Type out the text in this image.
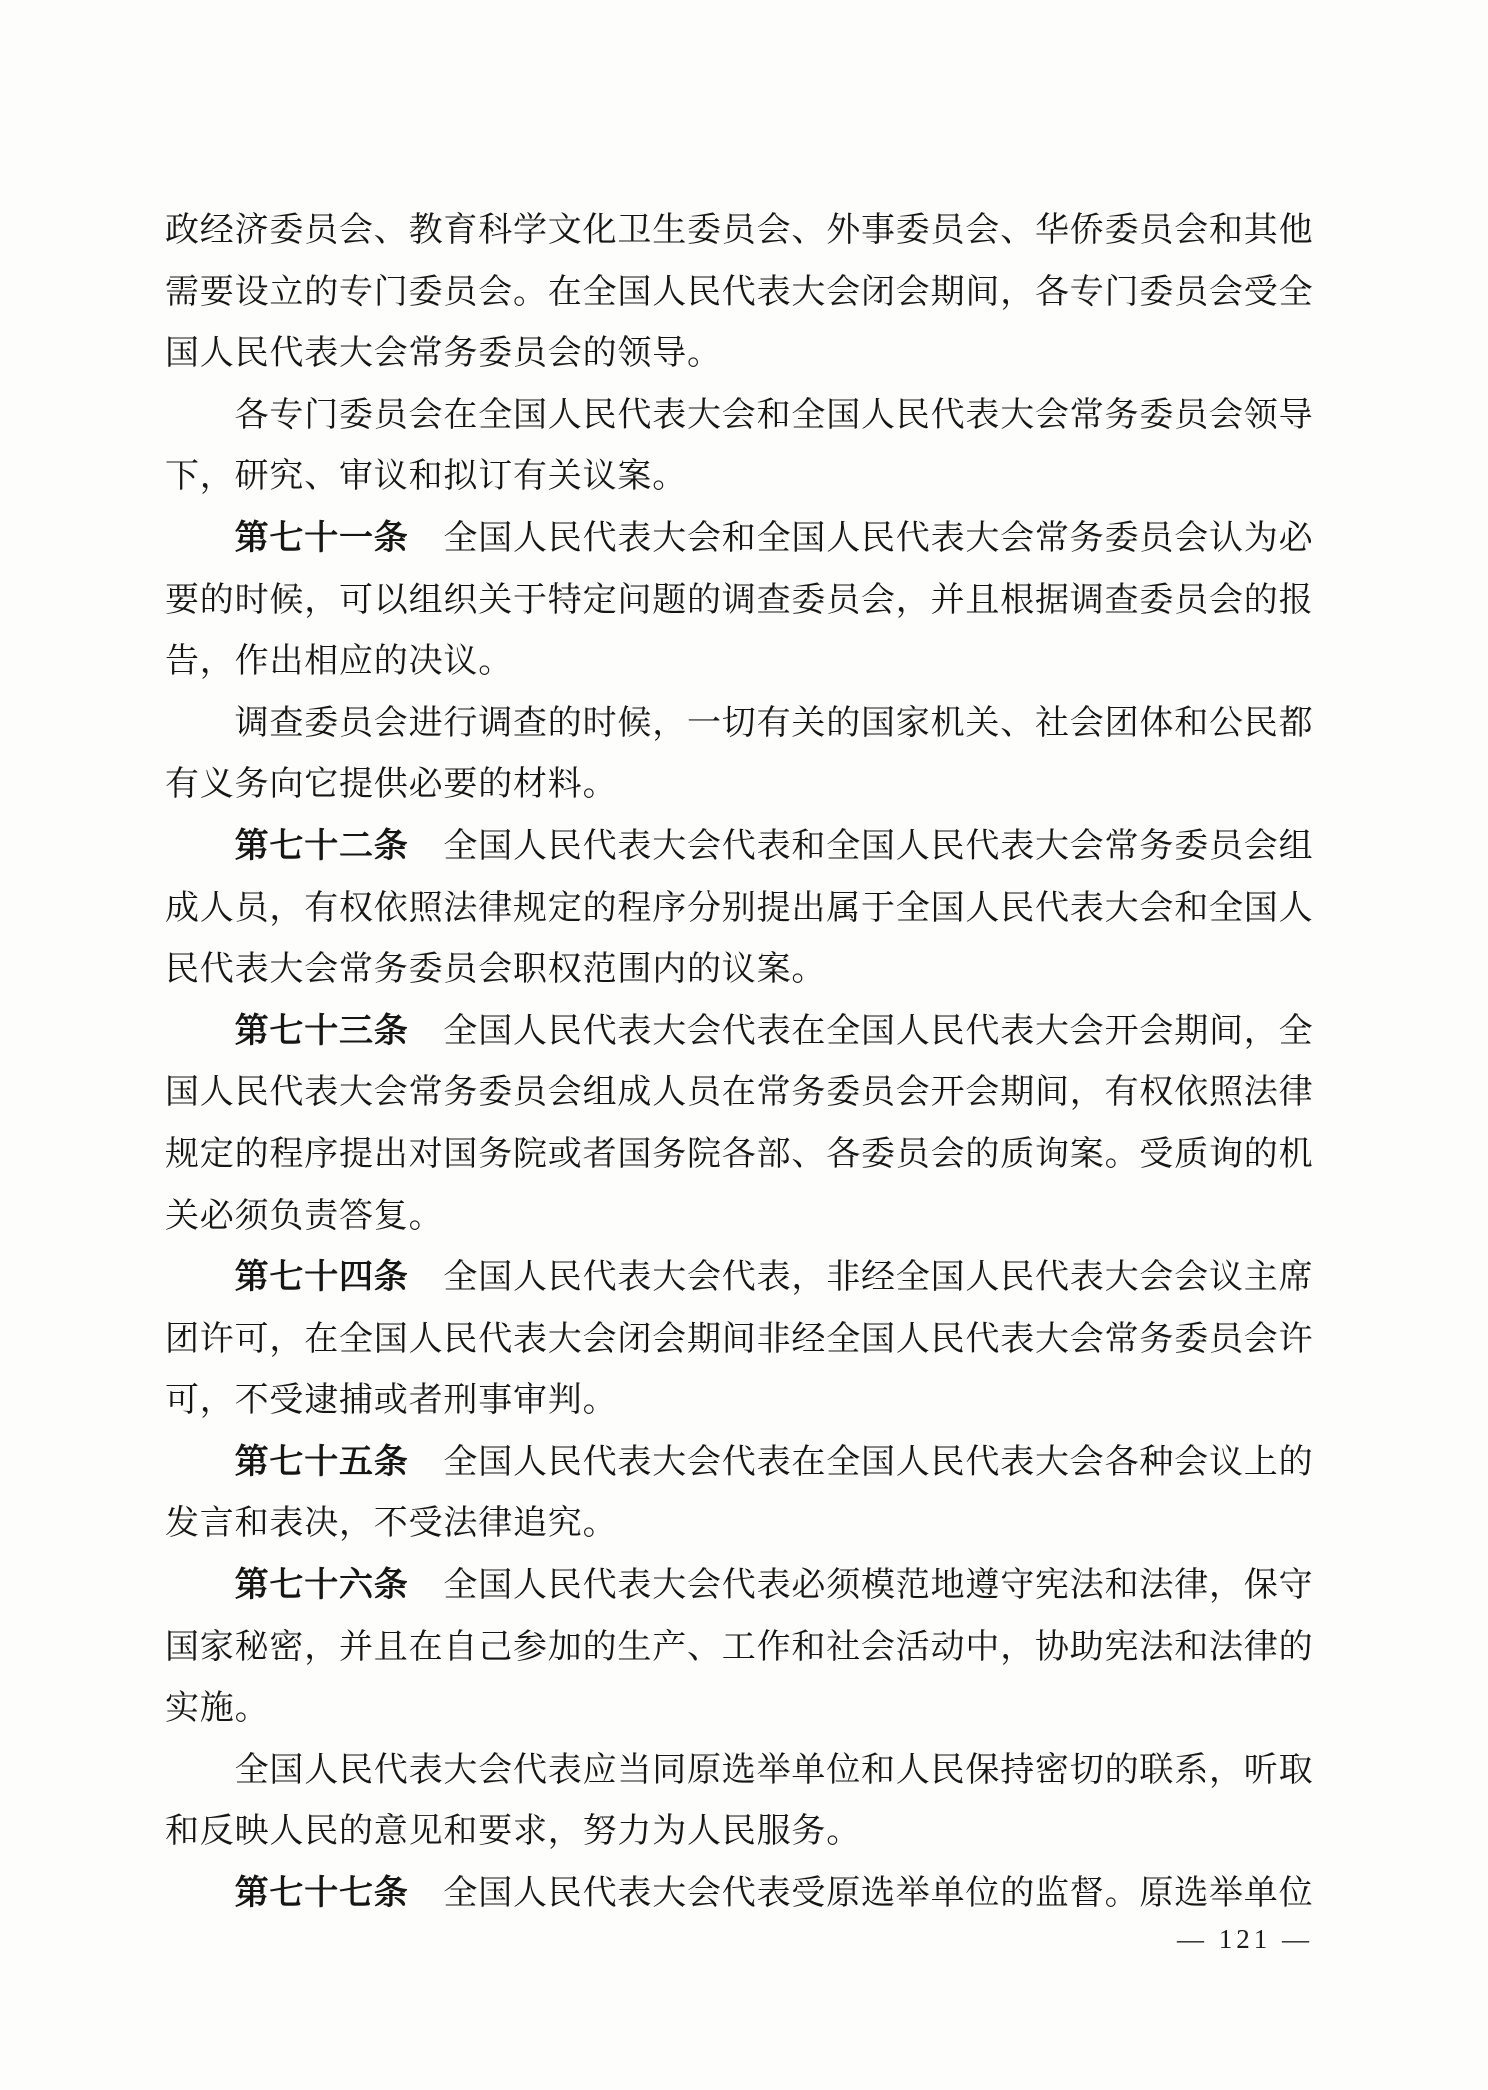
政经济委员会、教育科学文化卫生委员会、外事委员会、华侨委员会和其他
需要设立的专门委员会。在全国人民代表大会闭会期间，各专门委员会受全
国人民代表大会常务委员会的领导。
各专门委员会在全国人民代表大会和全国人民代表大会常务委员会领导
下，研究、审议和拟订有关议案。
第七十一条 全国人民代表大会和全国人民代表大会常务委员会认为必
要的时候，可以组织关于特定问题的调查委员会，并且根据调查委员会的报
告，作出相应的决议。
调查委员会进行调查的时候，一切有关的国家机关、社会团体和公民都
有义务向它提供必要的材料。
第七十二条 全国人民代表大会代表和全国人民代表大会常务委员会组
成人员，有权依照法律规定的程序分别提出属于全国人民代表大会和全国人
民代表大会常务委员会职权范围内的议案。
第七十三条 全国人民代表大会代表在全国人民代表大会开会期间，全
国人民代表大会常务委员会组成人员在常务委员会开会期间，有权依照法律
规定的程序提出对国务院或者国务院各部、各委员会的质询案。受质询的机
关必须负责答复。
第七十四条 全国人民代表大会代表，非经全国人民代表大会会议主席
团许可，在全国人民代表大会闭会期间非经全国人民代表大会常务委员会许
可，不受逮捕或者刑事审判。
第七十五条 全国人民代表大会代表在全国人民代表大会各种会议上的
发言和表决，不受法律追究。
第七十六条 全国人民代表大会代表必须模范地遵守宪法和法律，保守
国家秘密，并且在自己参加的生产、工作和社会活动中，协助宪法和法律的
实施。
全国人民代表大会代表应当同原选举单位和人民保持密切的联系，听取
和反映人民的意见和要求，努力为人民服务。
第七十七条 全国人民代表大会代表受原选举单位的监督。原选举单位
— 121 —
